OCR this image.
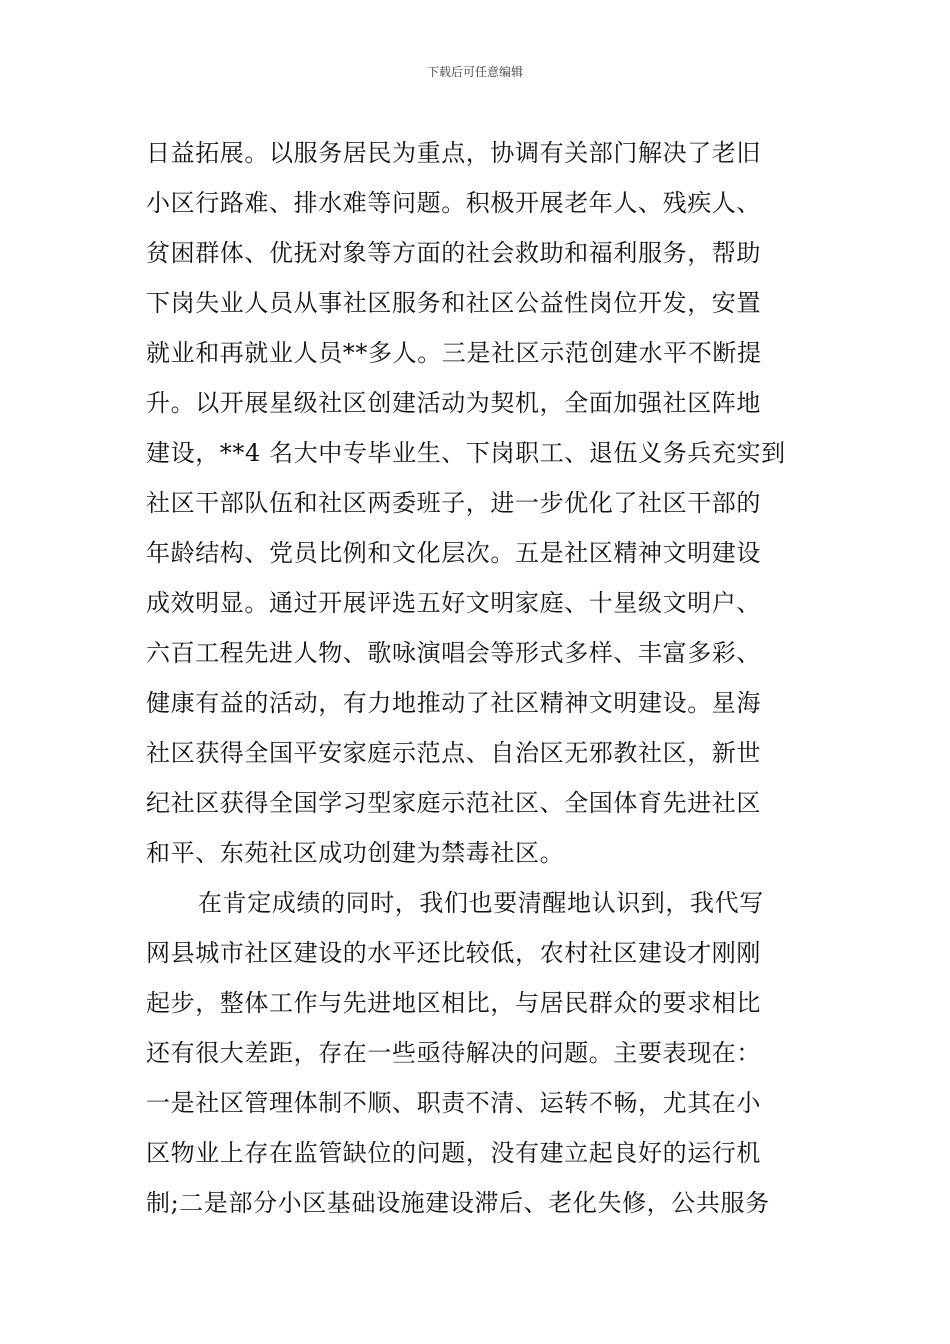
下载后可任意编辑
日益拓展。以服务居民为重点，协调有关部门解决了老旧
小区行路难、排水难等问题。积极开展老年人、残疾人、
贫困群体、优抚对象等方面的社会救助和福利服务，帮助
下岗失业人员从事社区服务和社区公益性岗位开发，安置
就业和再就业人员**多人。三是社区示范创建水平不断提
升。以开展星级社区创建活动为契机，全面加强社区阵地
建设，**4 名大中专毕业生、下岗职工、退伍义务兵充实到
社区干部队伍和社区两委班子，进一步优化了社区干部的
年龄结构、党员比例和文化层次。五是社区精神文明建设
成效明显。通过开展评选五好文明家庭、十星级文明户、
六百工程先进人物、歌咏演唱会等形式多样、丰富多彩、
健康有益的活动，有力地推动了社区精神文明建设。星海
社区获得全国平安家庭示范点、自治区无邪教社区，新世
纪社区获得全国学习型家庭示范社区、全国体育先进社区
和平、东苑社区成功创建为禁毒社区。
在肯定成绩的同时，我们也要清醒地认识到，我代写
网县城市社区建设的水平还比较低，农村社区建设才刚刚
起步，整体工作与先进地区相比，与居民群众的要求相比
还有很大差距，存在一些亟待解决的问题。主要表现在：
一是社区管理体制不顺、职责不清、运转不畅，尤其在小
区物业上存在监管缺位的问题，没有建立起良好的运行机
制;二是部分小区基础设施建设滞后、老化失修，公共服务
